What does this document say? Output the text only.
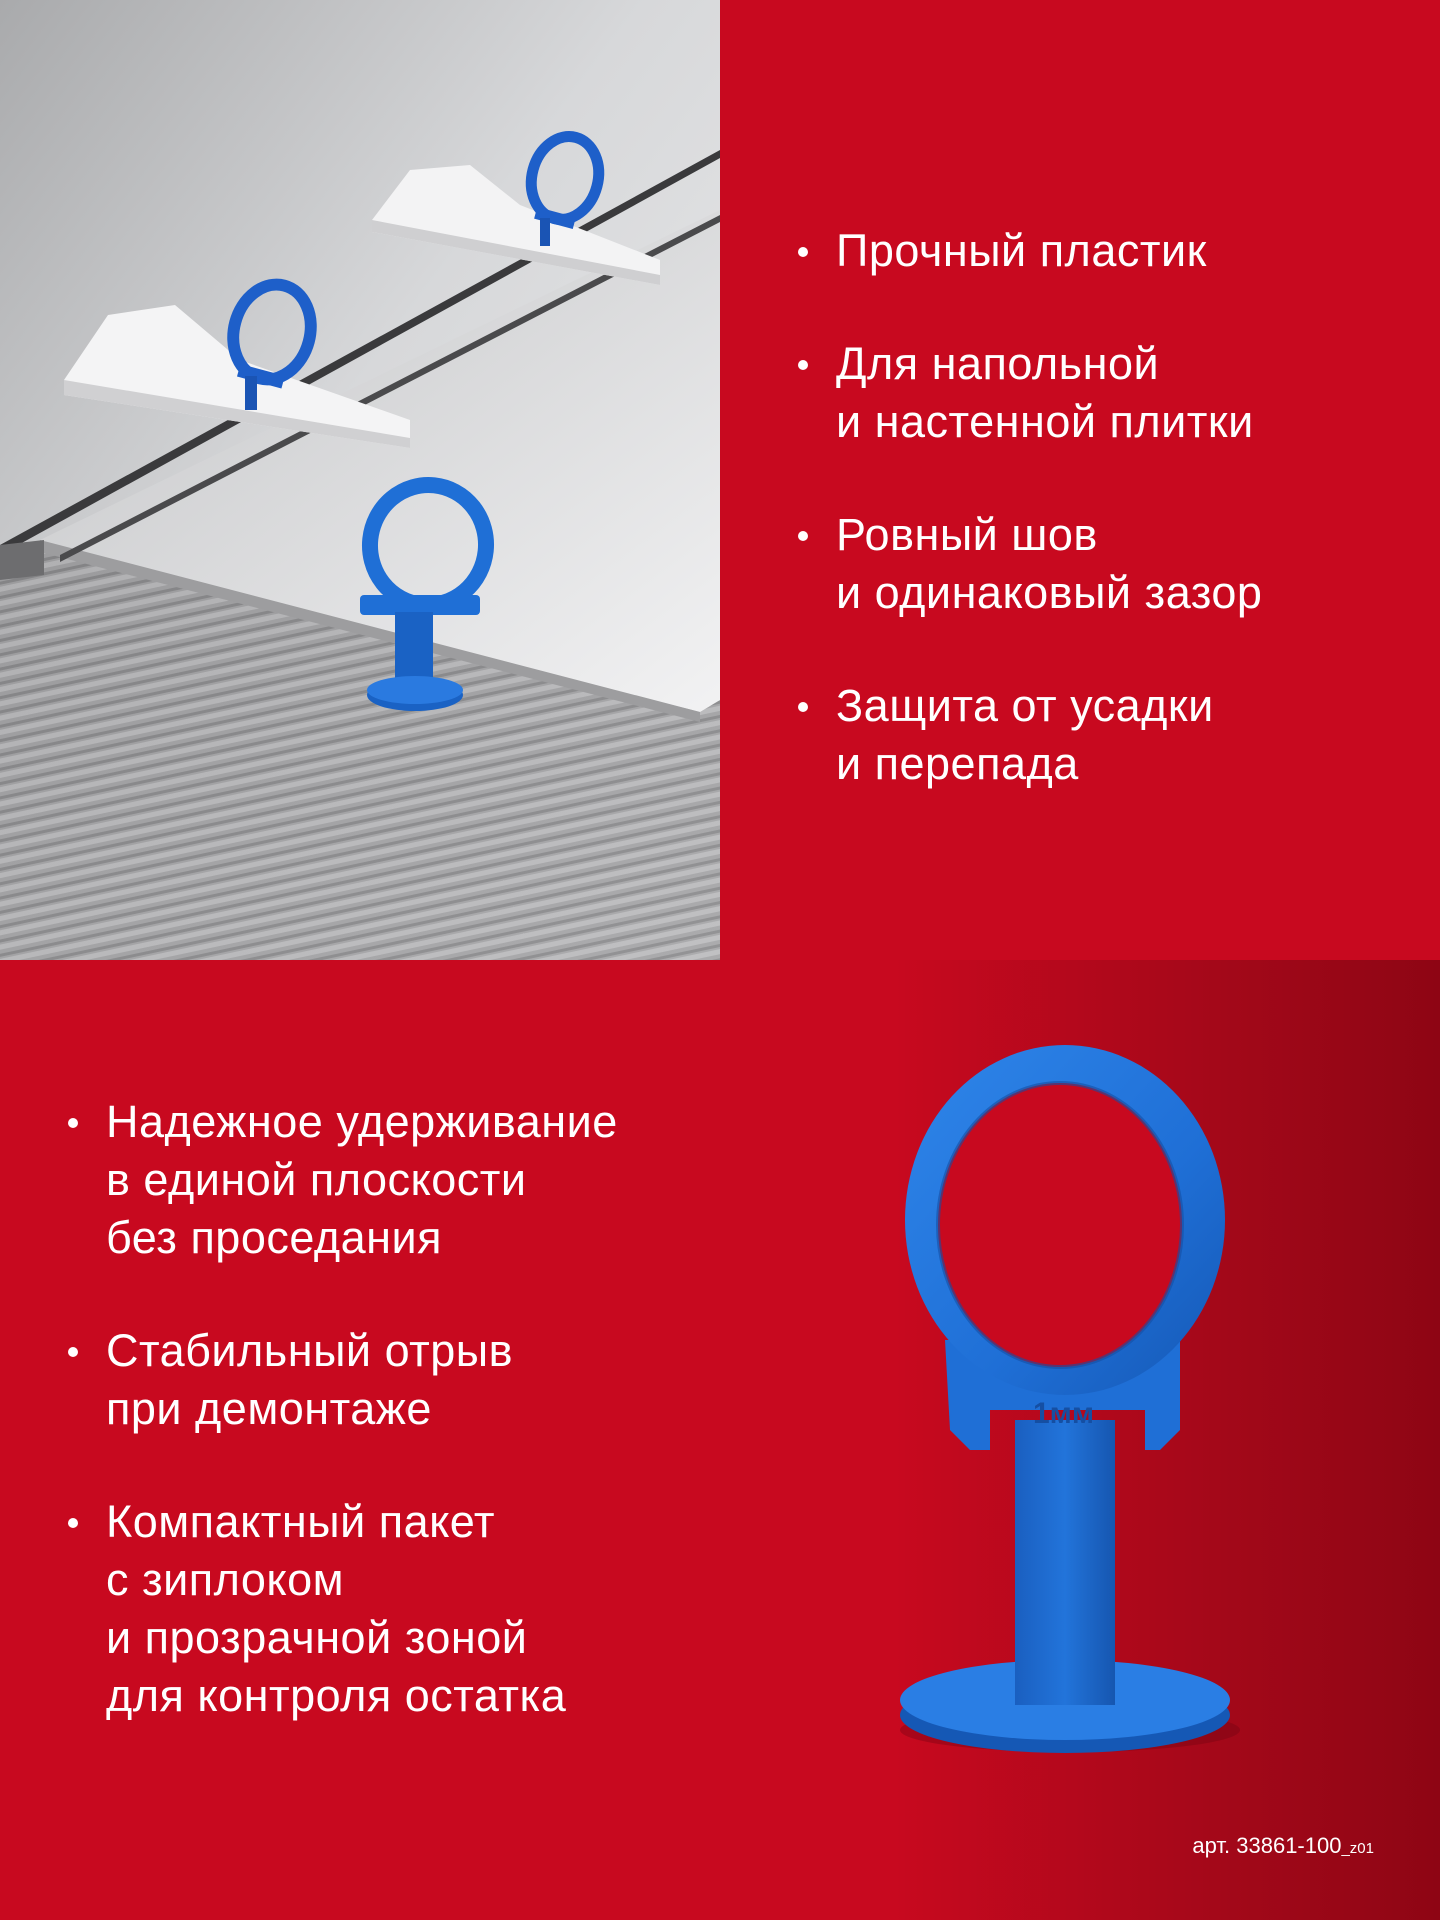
Прочный пластик
Для напольной
и настенной плитки
Ровный шов
и одинаковый зазор
Защита от усадки
и перепада
Надежное удерживание
в единой плоскости
без проседания
Стабильный отрыв
при демонтаже
Компактный пакет
с зиплоком
и прозрачной зоной
для контроля остатка
1мм
арт. 33861-100_z01
